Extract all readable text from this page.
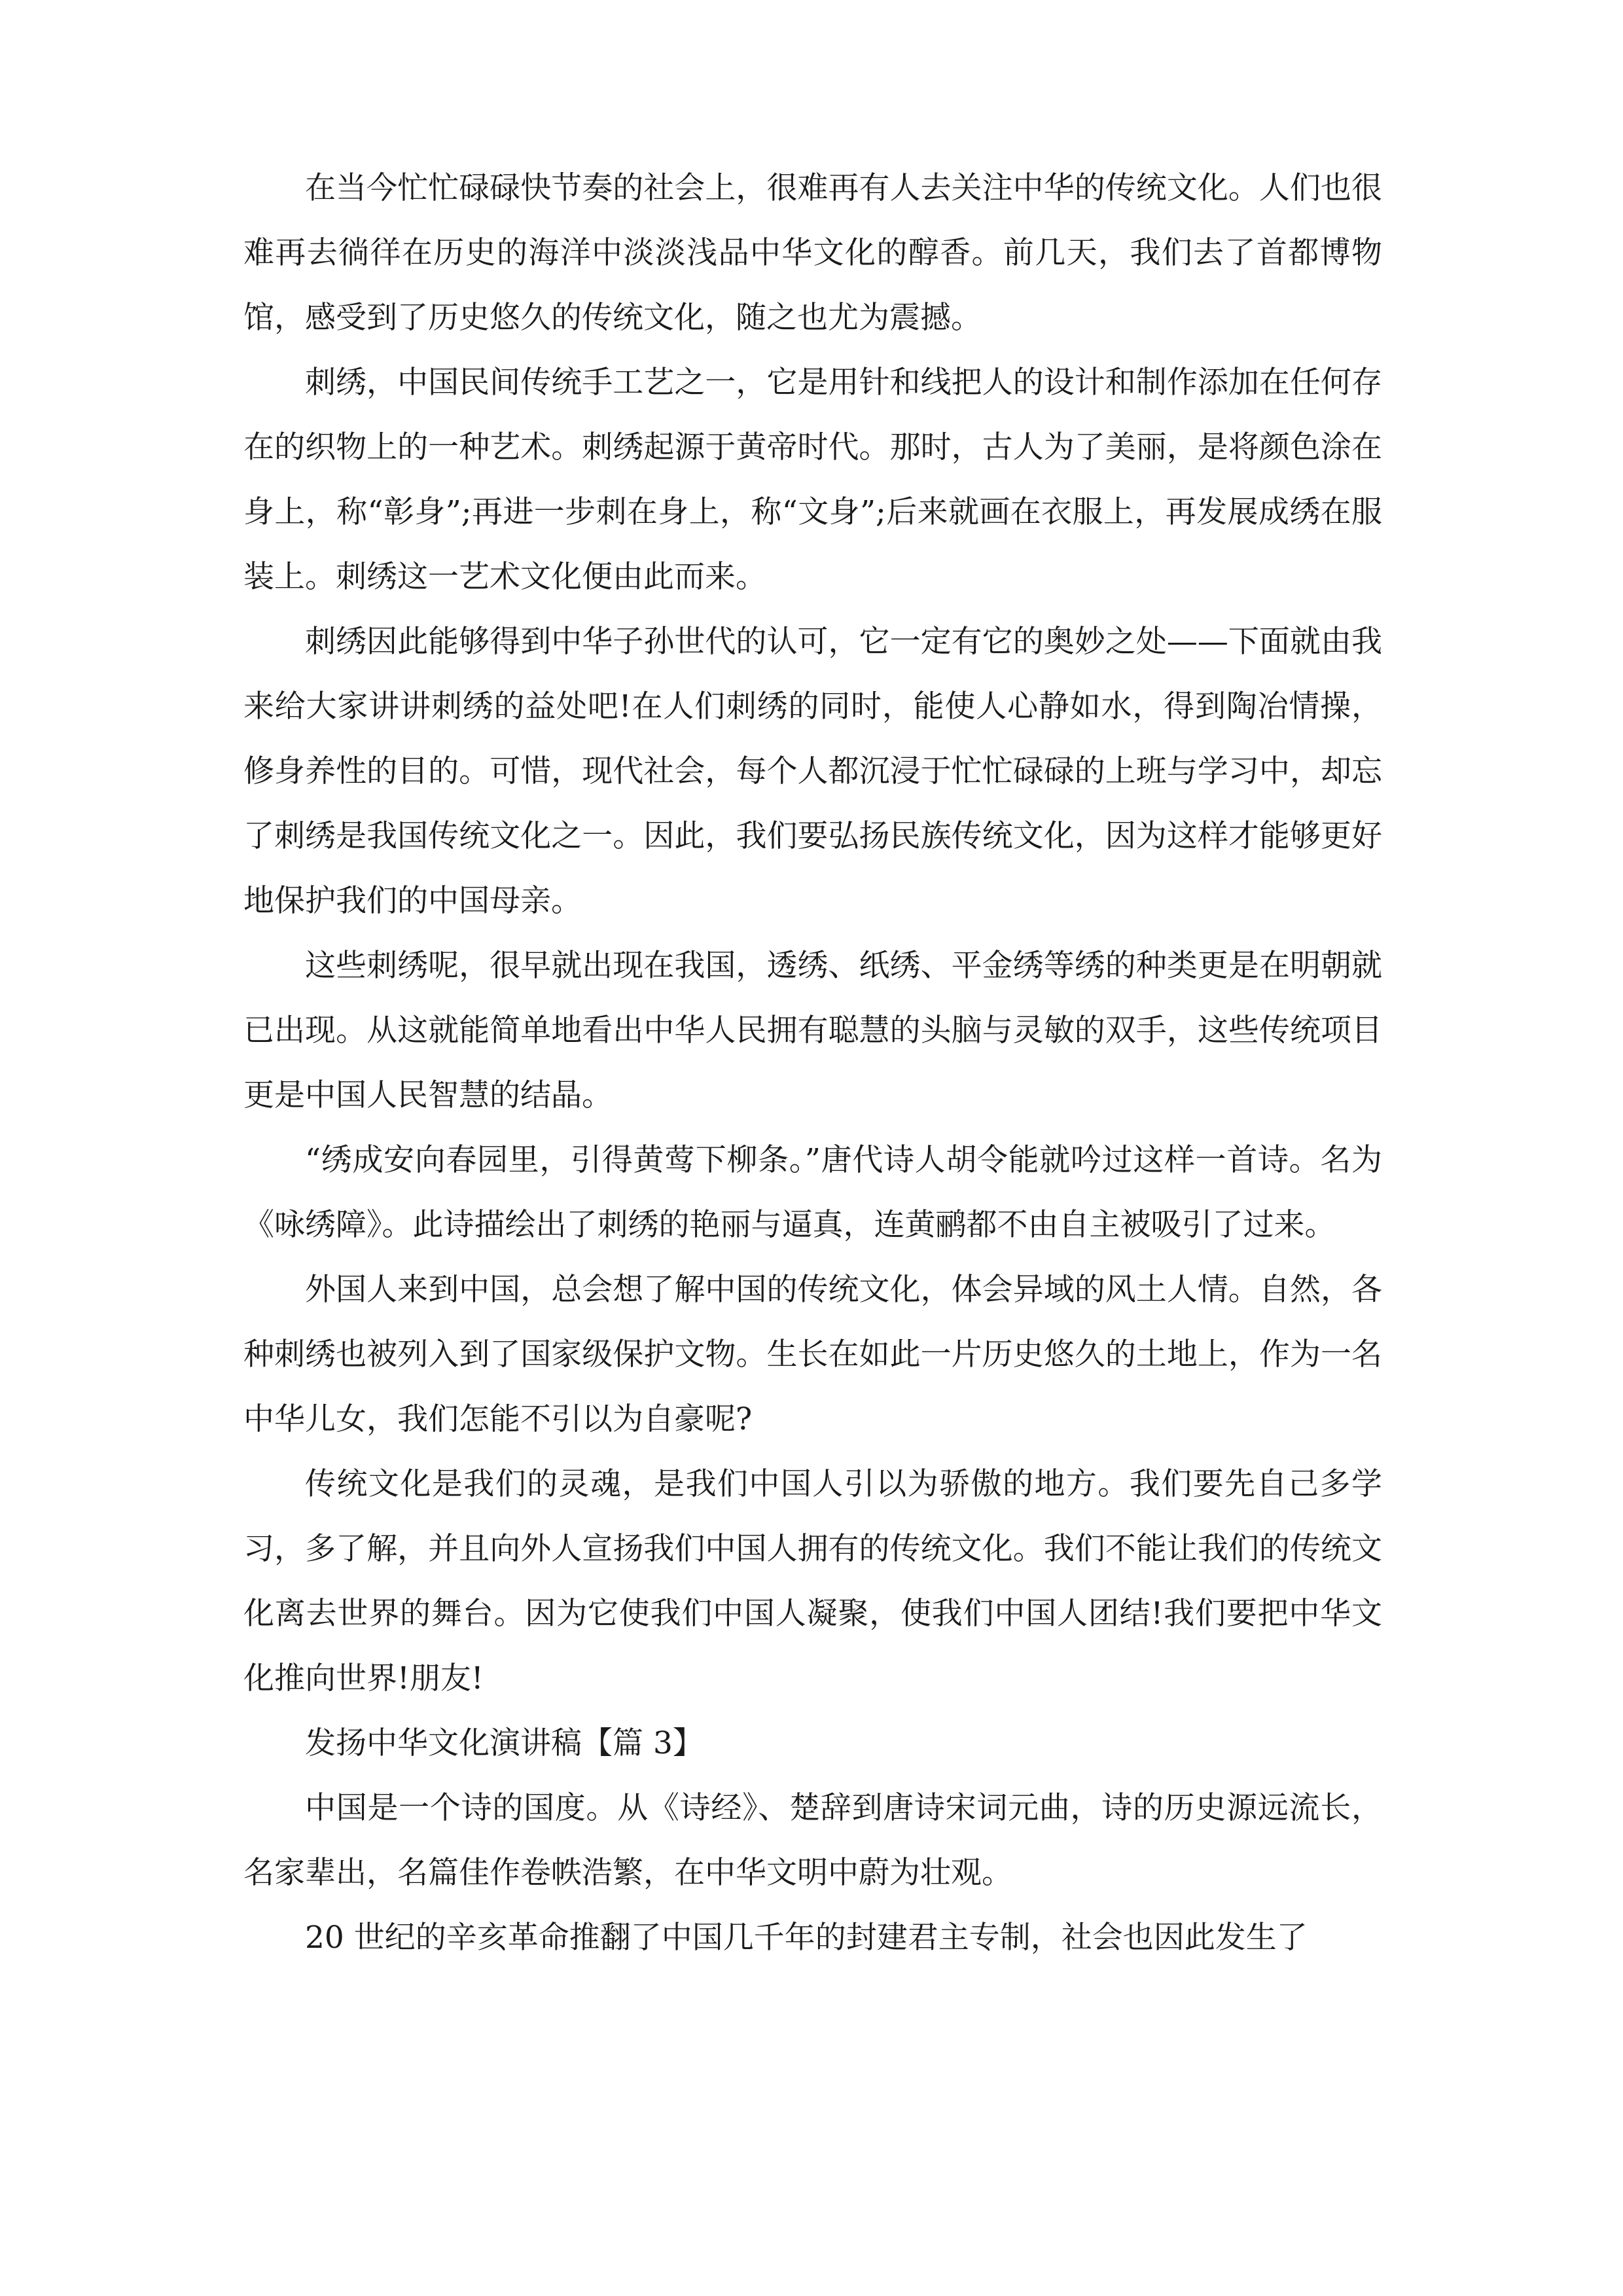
在当今忙忙碌碌快节奏的社会上，很难再有人去关注中华的传统文化。人们也很难再去徜徉在历史的海洋中淡淡浅品中华文化的醇香。前几天，我们去了首都博物馆，感受到了历史悠久的传统文化，随之也尤为震撼。

刺绣，中国民间传统手工艺之一，它是用针和线把人的设计和制作添加在任何存在的织物上的一种艺术。刺绣起源于黄帝时代。那时，古人为了美丽，是将颜色涂在身上，称“彰身”;再进一步刺在身上，称“文身”;后来就画在衣服上，再发展成绣在服装上。刺绣这一艺术文化便由此而来。

刺绣因此能够得到中华子孙世代的认可，它一定有它的奥妙之处——下面就由我来给大家讲讲刺绣的益处吧!在人们刺绣的同时，能使人心静如水，得到陶冶情操，修身养性的目的。可惜，现代社会，每个人都沉浸于忙忙碌碌的上班与学习中，却忘了刺绣是我国传统文化之一。因此，我们要弘扬民族传统文化，因为这样才能够更好地保护我们的中国母亲。

这些刺绣呢，很早就出现在我国，透绣、纸绣、平金绣等绣的种类更是在明朝就已出现。从这就能简单地看出中华人民拥有聪慧的头脑与灵敏的双手，这些传统项目更是中国人民智慧的结晶。

“绣成安向春园里，引得黄莺下柳条。”唐代诗人胡令能就吟过这样一首诗。名为《咏绣障》。此诗描绘出了刺绣的艳丽与逼真，连黄鹂都不由自主被吸引了过来。

外国人来到中国，总会想了解中国的传统文化，体会异域的风土人情。自然，各种刺绣也被列入到了国家级保护文物。生长在如此一片历史悠久的土地上，作为一名中华儿女，我们怎能不引以为自豪呢?

传统文化是我们的灵魂，是我们中国人引以为骄傲的地方。我们要先自己多学习，多了解，并且向外人宣扬我们中国人拥有的传统文化。我们不能让我们的传统文化离去世界的舞台。因为它使我们中国人凝聚，使我们中国人团结!我们要把中华文化推向世界!朋友!

发扬中华文化演讲稿【篇 3】

中国是一个诗的国度。从《诗经》、楚辞到唐诗宋词元曲，诗的历史源远流长，名家辈出，名篇佳作卷帙浩繁，在中华文明中蔚为壮观。

20 世纪的辛亥革命推翻了中国几千年的封建君主专制，社会也因此发生了
